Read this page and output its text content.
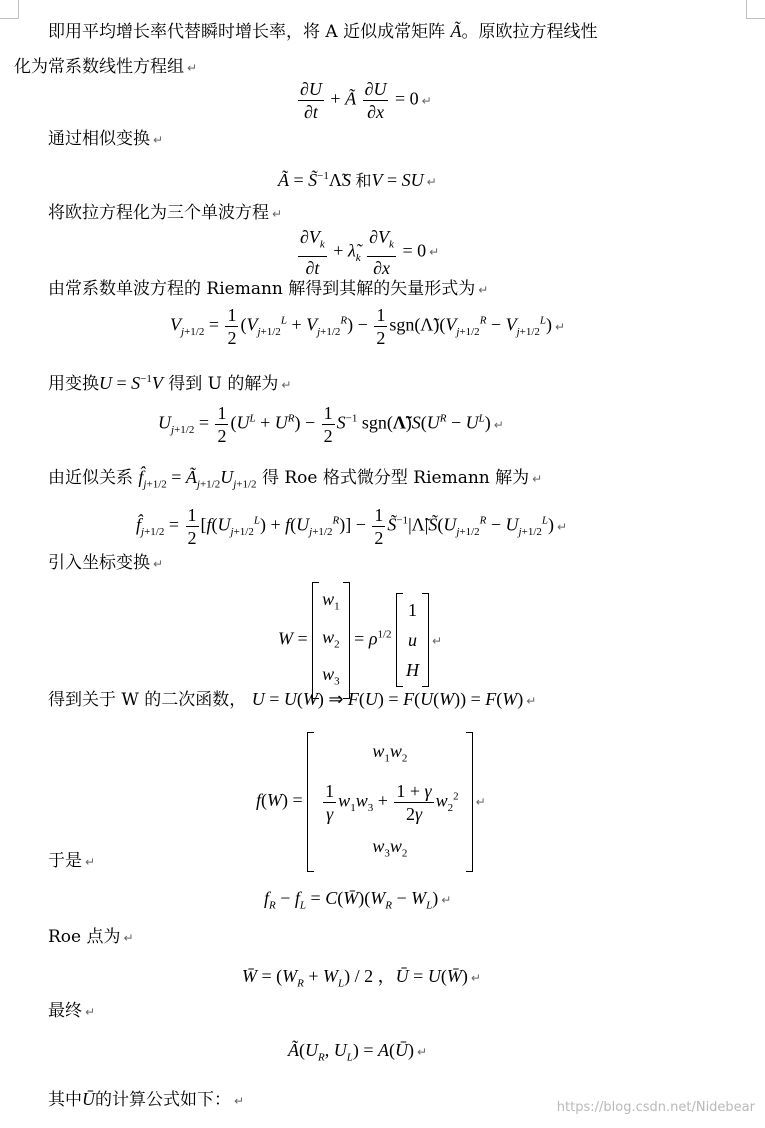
即用平均增长率代替瞬时增长率，将 A 近似成常矩阵 Ã。原欧拉方程线性
化为常系数线性方程组 ↵
$\frac{\partial U}{\partial t}$ + Ã $\frac{\partial U}{\partial x} = 0$ ↵
通过相似变换 ↵
Ã = S̃$^{-1}$Λ̃S 和V = SU ↵
将欧拉方程化为三个单波方程 ↵
$\frac{\partial V_k}{\partial t}$ + $\lambdã_k \frac{\partial V_k}{\partial x} = 0$ ↵
由常系数单波方程的 Riemann 解得到其解的矢量形式为 ↵
$V_{j+1/2} = \frac{1}{2} (V_{j+1/2}^L + V_{j+1/2}^R) - \frac{1}{2}$ $sgn(\Lambdã)(V_{j+1/2}^R - V_{j+1/2}^L)$ ↵
用变换$U = S^{-1}V$ 得到 U 的解为 ↵
$U_{j+1/2} = \frac{1}{2} (U^L + U^R) - \frac{1}{2} S^{-1}$ $sgn(\Lambdã)S(U^R - U^L)$ ↵
由近似关系 $f̂_{j+1/2}$ = $Ã_{j+1/2}U_{j+1/2}$ 得 Roe 格式微分型 Riemann 解为 ↵
$f̂_{j+1/2} = \frac{1}{2} [f(U_{j+1/2}^L) + f(U_{j+1/2}^R)] - \frac{1}{2}$ $S̃^{-1}|\Lambdã|S̃(U_{j+1/2}^R - U_{j+1/2}^L)$ ↵
引入坐标变换 ↵
W =
$w_1$
$w_2$
$w_3$
= $\rho^{1/2}$
1
u
H
↵
得到关于 W 的二次函数， U = U(W) ⇒ F(U) = F(U(W)) = F(W) ↵
f(W) =
$w_1w_2$
$\frac{1}{\gamma} w_1w_3 + \frac{1 + \gamma}{2\gamma} w_2^2$
$w_3w_2$
↵
于是 ↵
$f_R - f_L$ = $C(W̄)(W_R - W_L)$ ↵
Roe 点为 ↵
W̄ = $(W_R + W_L) / 2$ ，Ū = U(W̄) ↵
最终 ↵
$Ã(U_R$, $U_L$) = A(Ū) ↵
其中Ū的计算公式如下： ↵	https://blog.csdn.net/Nidebear
